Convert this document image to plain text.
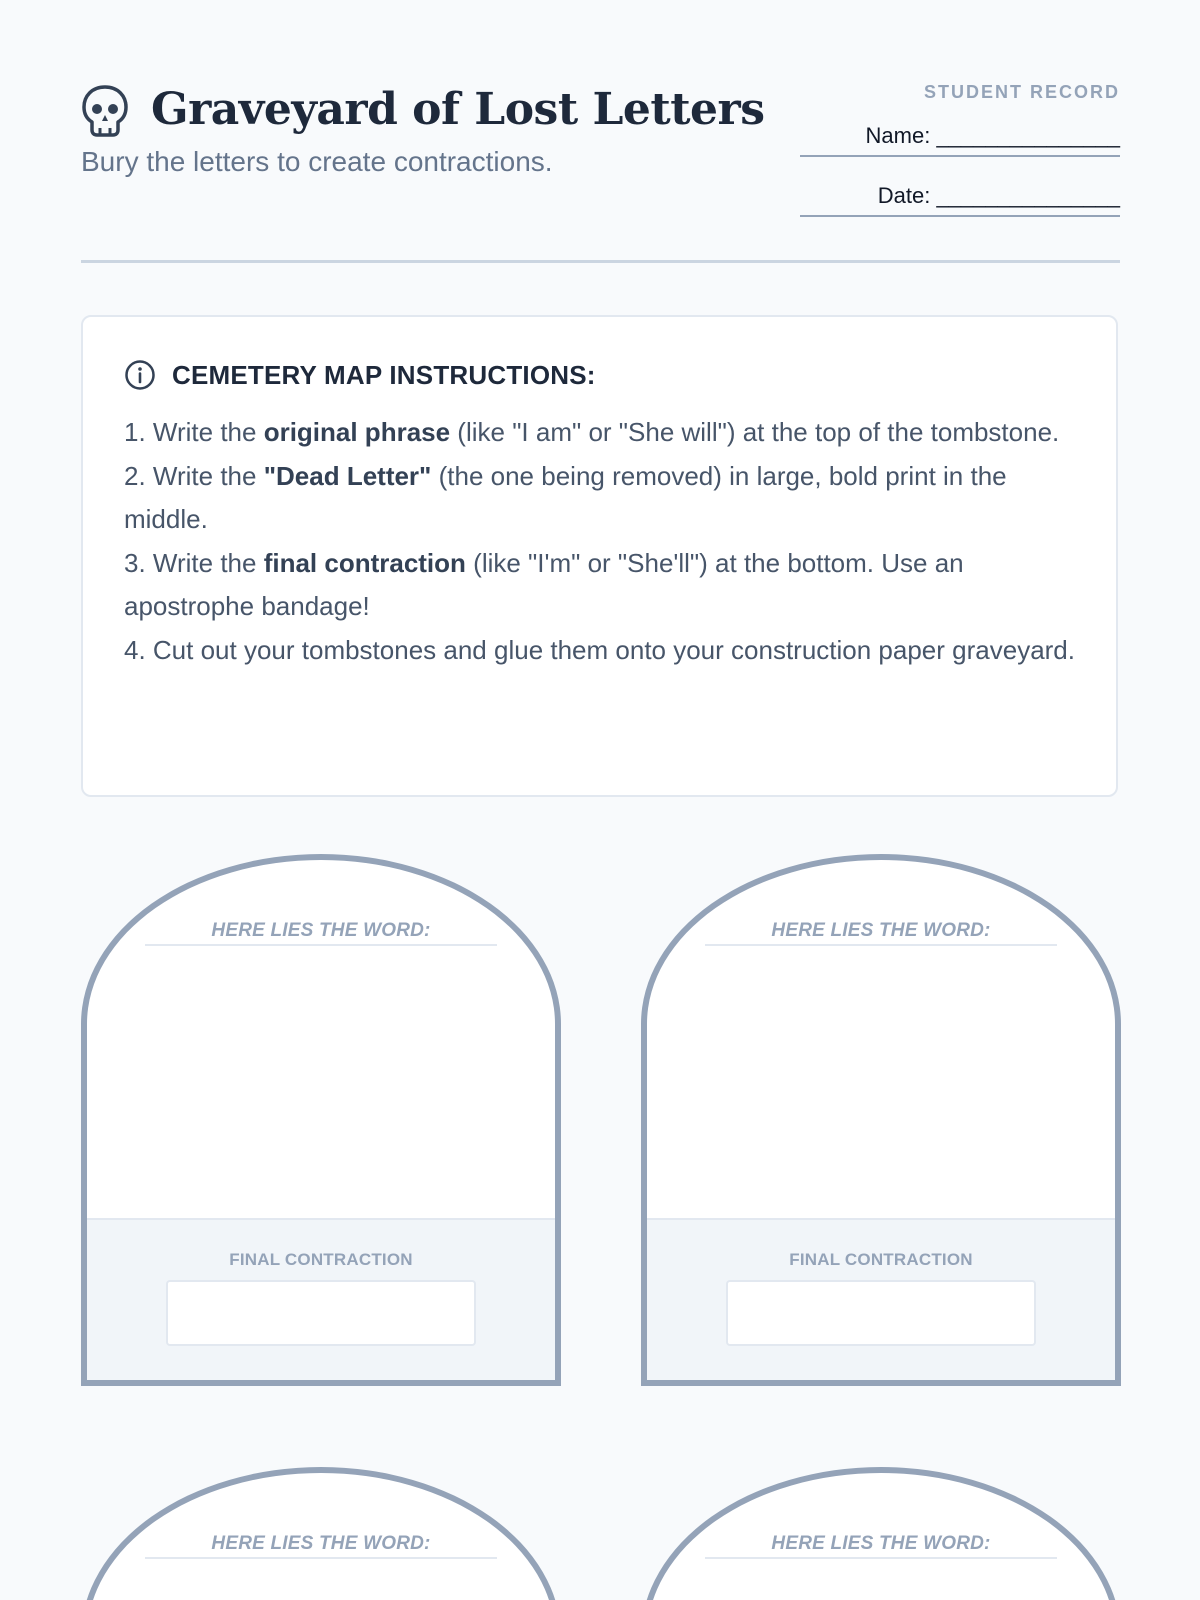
Graveyard of Lost Letters
Bury the letters to create contractions.
STUDENT RECORD
Name: _______________
Date: _______________
CEMETERY MAP INSTRUCTIONS:
1. Write the original phrase (like "I am" or "She will") at the top of the tombstone.
2. Write the "Dead Letter" (the one being removed) in large, bold print in the middle.
3. Write the final contraction (like "I'm" or "She'll") at the bottom. Use an apostrophe bandage!
4. Cut out your tombstones and glue them onto your construction paper graveyard.
HERE LIES THE WORD:
FINAL CONTRACTION
HERE LIES THE WORD:
FINAL CONTRACTION
HERE LIES THE WORD:	HERE LIES THE WORD:
